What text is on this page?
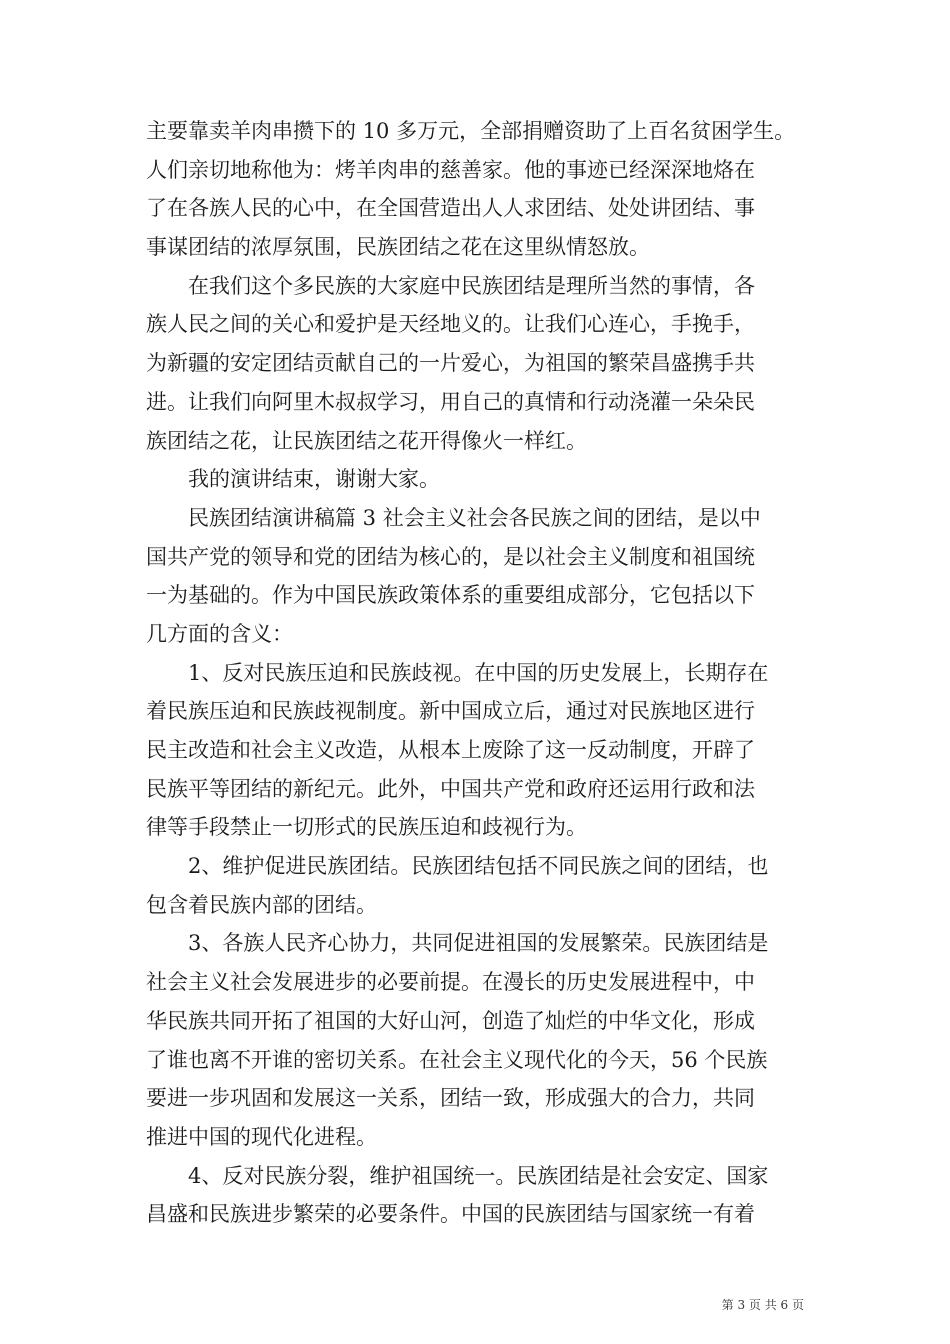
主要靠卖羊肉串攒下的 10 多万元，全部捐赠资助了上百名贫困学生。
人们亲切地称他为：烤羊肉串的慈善家。他的事迹已经深深地烙在
了在各族人民的心中，在全国营造出人人求团结、处处讲团结、事
事谋团结的浓厚氛围，民族团结之花在这里纵情怒放。
在我们这个多民族的大家庭中民族团结是理所当然的事情，各
族人民之间的关心和爱护是天经地义的。让我们心连心，手挽手，
为新疆的安定团结贡献自己的一片爱心，为祖国的繁荣昌盛携手共
进。让我们向阿里木叔叔学习，用自己的真情和行动浇灌一朵朵民
族团结之花，让民族团结之花开得像火一样红。
我的演讲结束，谢谢大家。
民族团结演讲稿篇 3 社会主义社会各民族之间的团结，是以中
国共产党的领导和党的团结为核心的，是以社会主义制度和祖国统
一为基础的。作为中国民族政策体系的重要组成部分，它包括以下
几方面的含义：
1、反对民族压迫和民族歧视。在中国的历史发展上，长期存在
着民族压迫和民族歧视制度。新中国成立后，通过对民族地区进行
民主改造和社会主义改造，从根本上废除了这一反动制度，开辟了
民族平等团结的新纪元。此外，中国共产党和政府还运用行政和法
律等手段禁止一切形式的民族压迫和歧视行为。
2、维护促进民族团结。民族团结包括不同民族之间的团结，也
包含着民族内部的团结。
3、各族人民齐心协力，共同促进祖国的发展繁荣。民族团结是
社会主义社会发展进步的必要前提。在漫长的历史发展进程中，中
华民族共同开拓了祖国的大好山河，创造了灿烂的中华文化，形成
了谁也离不开谁的密切关系。在社会主义现代化的今天，56 个民族
要进一步巩固和发展这一关系，团结一致，形成强大的合力，共同
推进中国的现代化进程。
4、反对民族分裂，维护祖国统一。民族团结是社会安定、国家
昌盛和民族进步繁荣的必要条件。中国的民族团结与国家统一有着
第 3 页 共 6 页
